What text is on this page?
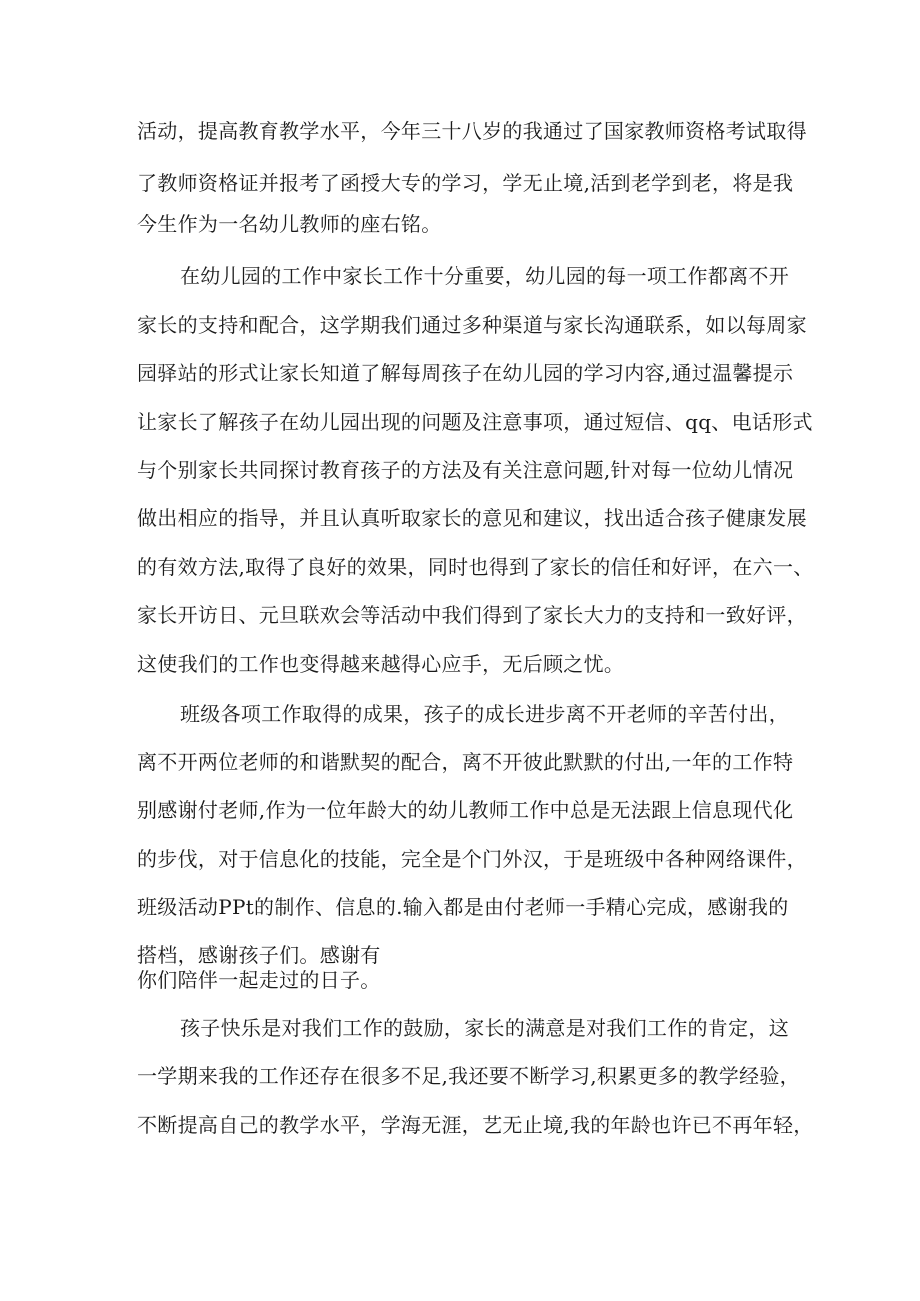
活动，提高教育教学水平，今年三十八岁的我通过了国家教师资格考试取得
了教师资格证并报考了函授大专的学习，学无止境,活到老学到老，将是我
今生作为一名幼儿教师的座右铭。
在幼儿园的工作中家长工作十分重要，幼儿园的每一项工作都离不开
家长的支持和配合，这学期我们通过多种渠道与家长沟通联系，如以每周家
园驿站的形式让家长知道了解每周孩子在幼儿园的学习内容,通过温馨提示
让家长了解孩子在幼儿园出现的问题及注意事项，通过短信、qq、电话形式
与个别家长共同探讨教育孩子的方法及有关注意问题,针对每一位幼儿情况
做出相应的指导，并且认真听取家长的意见和建议，找出适合孩子健康发展
的有效方法,取得了良好的效果，同时也得到了家长的信任和好评，在六一、
家长开访日、元旦联欢会等活动中我们得到了家长大力的支持和一致好评，
这使我们的工作也变得越来越得心应手，无后顾之忧。
班级各项工作取得的成果，孩子的成长进步离不开老师的辛苦付出，
离不开两位老师的和谐默契的配合，离不开彼此默默的付出,一年的工作特
别感谢付老师,作为一位年龄大的幼儿教师工作中总是无法跟上信息现代化
的步伐，对于信息化的技能，完全是个门外汉，于是班级中各种网络课件，
班级活动PPt的制作、信息的.输入都是由付老师一手精心完成，感谢我的
搭档，感谢孩子们。感谢有
你们陪伴一起走过的日子。
孩子快乐是对我们工作的鼓励，家长的满意是对我们工作的肯定，这
一学期来我的工作还存在很多不足,我还要不断学习,积累更多的教学经验，
不断提高自己的教学水平，学海无涯，艺无止境,我的年龄也许已不再年轻，
